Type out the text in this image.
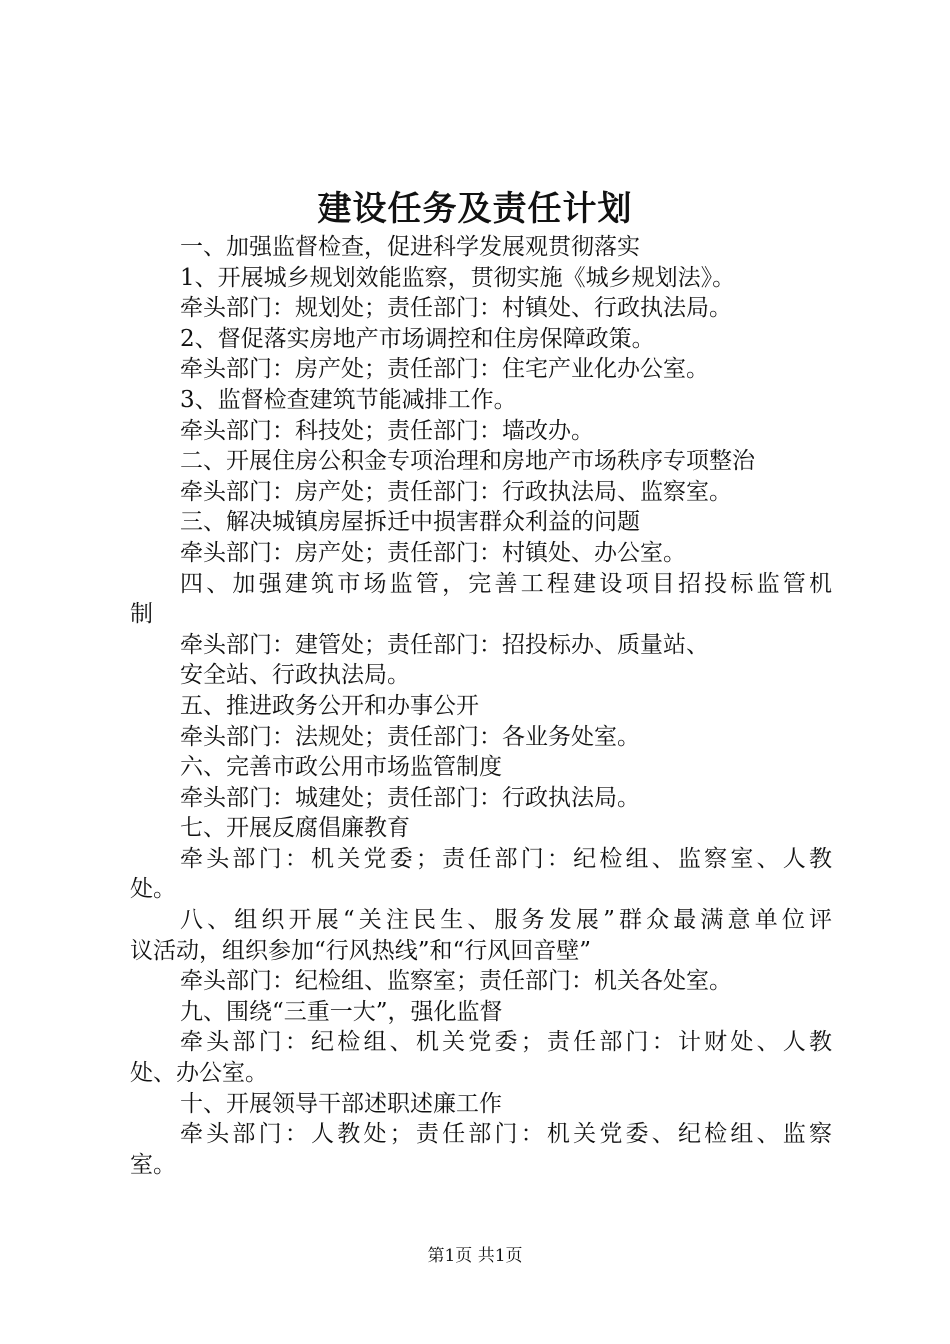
建设任务及责任计划
一、加强监督检查，促进科学发展观贯彻落实
1、开展城乡规划效能监察，贯彻实施《城乡规划法》。
牵头部门：规划处；责任部门：村镇处、行政执法局。
2、督促落实房地产市场调控和住房保障政策。
牵头部门：房产处；责任部门：住宅产业化办公室。
3、监督检查建筑节能减排工作。
牵头部门：科技处；责任部门：墙改办。
二、开展住房公积金专项治理和房地产市场秩序专项整治
牵头部门：房产处；责任部门：行政执法局、监察室。
三、解决城镇房屋拆迁中损害群众利益的问题
牵头部门：房产处；责任部门：村镇处、办公室。
四、加强建筑市场监管，完善工程建设项目招投标监管机
制
牵头部门：建管处；责任部门：招投标办、质量站、
安全站、行政执法局。
五、推进政务公开和办事公开
牵头部门：法规处；责任部门：各业务处室。
六、完善市政公用市场监管制度
牵头部门：城建处；责任部门：行政执法局。
七、开展反腐倡廉教育
牵头部门：机关党委；责任部门：纪检组、监察室、人教
处。
八、组织开展“关注民生、服务发展”群众最满意单位评
议活动，组织参加“行风热线”和“行风回音壁”
牵头部门：纪检组、监察室；责任部门：机关各处室。
九、围绕“三重一大”，强化监督
牵头部门：纪检组、机关党委；责任部门：计财处、人教
处、办公室。
十、开展领导干部述职述廉工作
牵头部门：人教处；责任部门：机关党委、纪检组、监察
室。
第1页 共1页
